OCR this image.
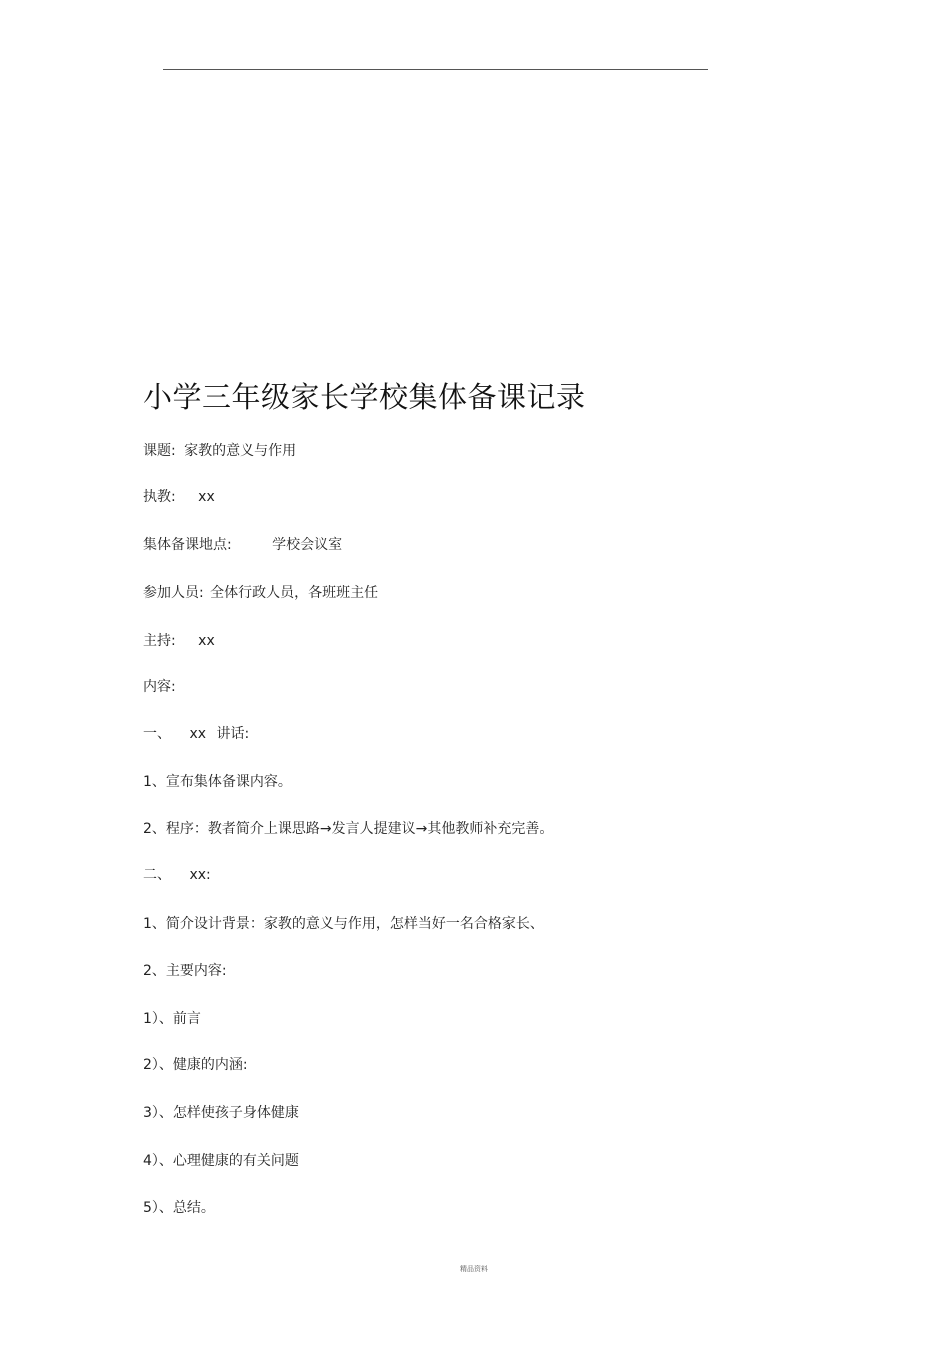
小学三年级家长学校集体备课记录
课题: 家教的意义与作用
执教: xx
集体备课地点:	学校会议室
参加人员: 全体行政人员，各班班主任
主持: xx
内容:
一、 xx 讲话:
1、宣布集体备课内容。
2、程序：教者简介上课思路→发言人提建议→其他教师补充完善。
二、 xx:
1、简介设计背景：家教的意义与作用，怎样当好一名合格家长、
2、主要内容:
1）、前言
2）、健康的内涵:
3）、怎样使孩子身体健康
4）、心理健康的有关问题
5）、总结。
精品资料
